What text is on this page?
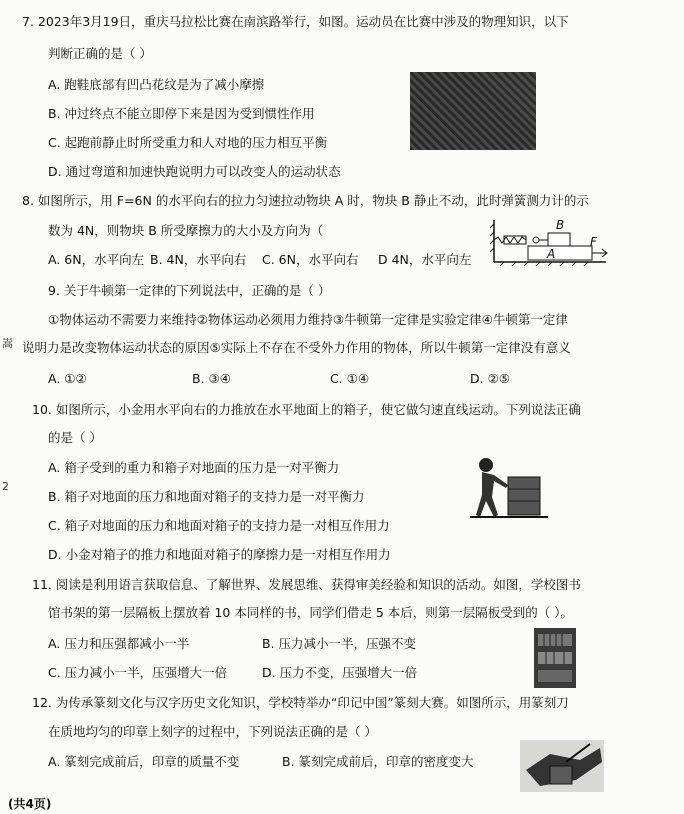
嵩
2
7. 2023年3月19日，重庆马拉松比赛在南滨路举行，如图。运动员在比赛中涉及的物理知识，以下
判断正确的是（ ）
A. 跑鞋底部有凹凸花纹是为了减小摩擦
B. 冲过终点不能立即停下来是因为受到惯性作用
C. 起跑前静止时所受重力和人对地的压力相互平衡
D. 通过弯道和加速快跑说明力可以改变人的运动状态
8. 如图所示，用 F=6N 的水平向右的拉力匀速拉动物块 A 时，物块 B 静止不动，此时弹簧测力计的示
数为 4N，则物块 B 所受摩擦力的大小及方向为（
A. 6N，水平向左 B. 4N，水平向右 C. 6N，水平向右 D 4N，水平向左
B
A
F
9. 关于牛顿第一定律的下列说法中，正确的是（ ）
①物体运动不需要力来维持②物体运动必须用力维持③牛顿第一定律是实验定律④牛顿第一定律
说明力是改变物体运动状态的原因⑤实际上不存在不受外力作用的物体，所以牛顿第一定律没有意义
A. ①②	B. ③④	C. ①④	D. ②⑤
10. 如图所示，小金用水平向右的力推放在水平地面上的箱子，使它做匀速直线运动。下列说法正确
的是（ ）
A. 箱子受到的重力和箱子对地面的压力是一对平衡力
B. 箱子对地面的压力和地面对箱子的支持力是一对平衡力
C. 箱子对地面的压力和地面对箱子的支持力是一对相互作用力
D. 小金对箱子的推力和地面对箱子的摩擦力是一对相互作用力
11. 阅读是利用语言获取信息、了解世界、发展思维、获得审美经验和知识的活动。如图，学校图书
馆书架的第一层隔板上摆放着 10 本同样的书，同学们借走 5 本后，则第一层隔板受到的（ ）。
A. 压力和压强都减小一半	B. 压力减小一半，压强不变
C. 压力减小一半，压强增大一倍	D. 压力不变，压强增大一倍
12. 为传承篆刻文化与汉字历史文化知识，学校特举办“印记中国”篆刻大赛。如图所示，用篆刻刀
在质地均匀的印章上刻字的过程中，下列说法正确的是（ ）
A. 篆刻完成前后，印章的质量不变	B. 篆刻完成前后，印章的密度变大
(共4页)
